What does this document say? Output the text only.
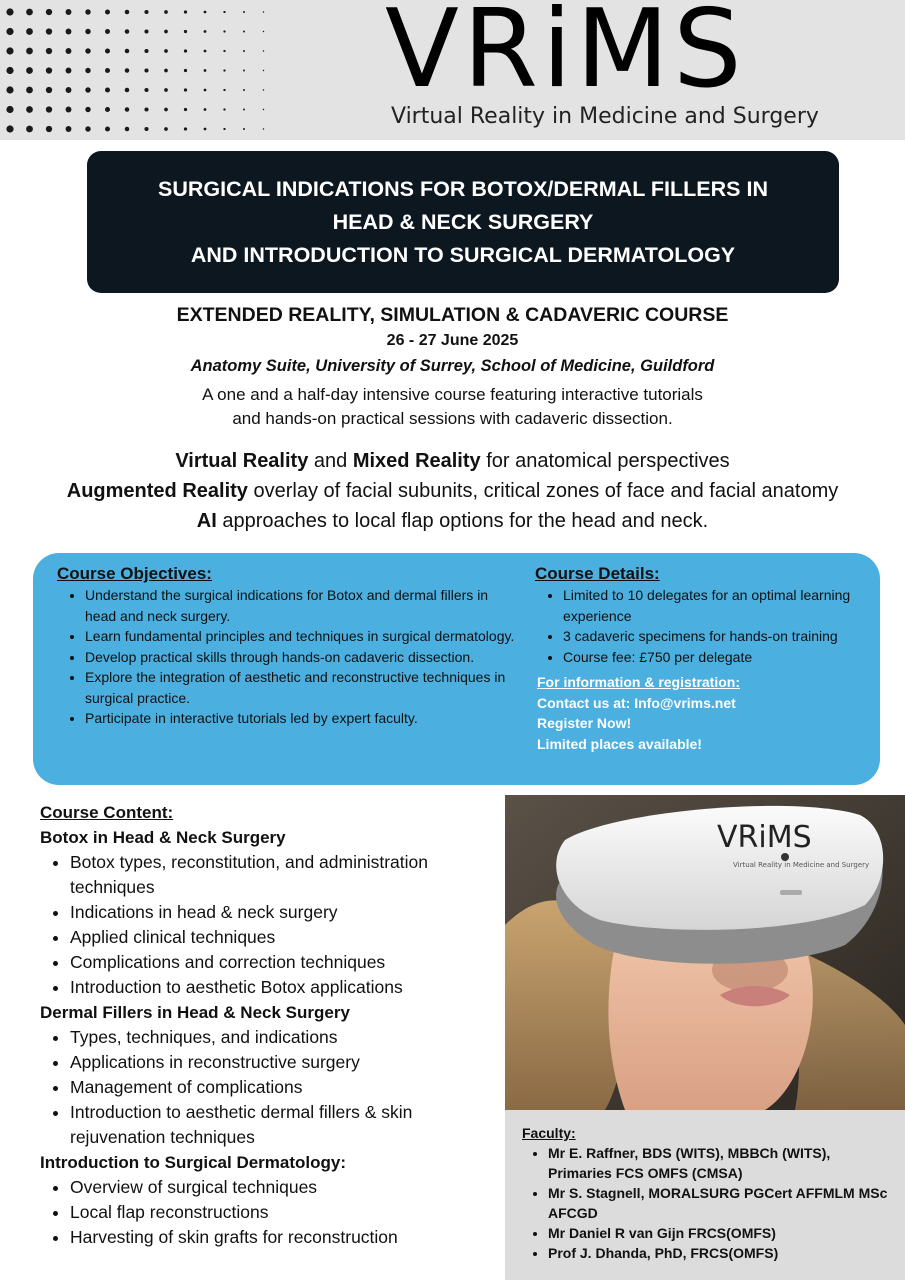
VRiMS
Virtual Reality in Medicine and Surgery
SURGICAL INDICATIONS FOR BOTOX/DERMAL FILLERS IN
HEAD & NECK SURGERY
AND INTRODUCTION TO SURGICAL DERMATOLOGY
EXTENDED REALITY, SIMULATION & CADAVERIC COURSE
26 - 27 June 2025
Anatomy Suite, University of Surrey, School of Medicine, Guildford
A one and a half-day intensive course featuring interactive tutorials
and hands-on practical sessions with cadaveric dissection.
Virtual Reality and Mixed Reality for anatomical perspectives
Augmented Reality overlay of facial subunits, critical zones of face and facial anatomy
AI approaches to local flap options for the head and neck.
Course Objectives:
• Understand the surgical indications for Botox and dermal fillers in head and neck surgery.
• Learn fundamental principles and techniques in surgical dermatology.
• Develop practical skills through hands-on cadaveric dissection.
• Explore the integration of aesthetic and reconstructive techniques in surgical practice.
• Participate in interactive tutorials led by expert faculty.
Course Details:
• Limited to 10 delegates for an optimal learning experience
• 3 cadaveric specimens for hands-on training
• Course fee: £750 per delegate
For information & registration:
Contact us at: Info@vrims.net
Register Now!
Limited places available!
Course Content:
Botox in Head & Neck Surgery
• Botox types, reconstitution, and administration techniques
• Indications in head & neck surgery
• Applied clinical techniques
• Complications and correction techniques
• Introduction to aesthetic Botox applications
Dermal Fillers in Head & Neck Surgery
• Types, techniques, and indications
• Applications in reconstructive surgery
• Management of complications
• Introduction to aesthetic dermal fillers & skin rejuvenation techniques
Introduction to Surgical Dermatology:
• Overview of surgical techniques
• Local flap reconstructions
• Harvesting of skin grafts for reconstruction
VRiMS
Virtual Reality in Medicine and Surgery
Faculty:
• Mr E. Raffner, BDS (WITS), MBBCh (WITS), Primaries FCS OMFS (CMSA)
• Mr S. Stagnell, MORALSURG PGCert AFFMLM MSc AFCGD
• Mr Daniel R van Gijn FRCS(OMFS)
• Prof J. Dhanda, PhD, FRCS(OMFS)
